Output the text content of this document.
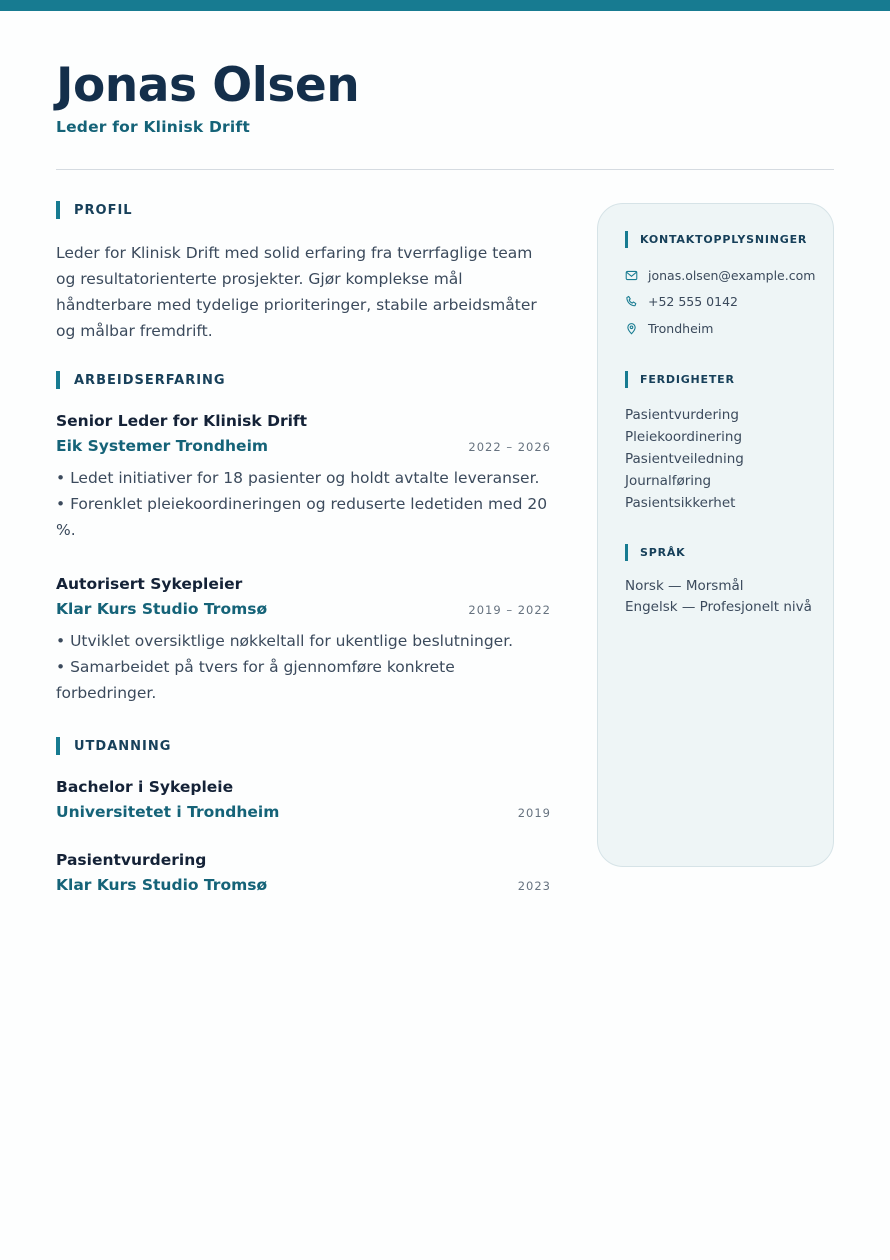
Jonas Olsen
Leder for Klinisk Drift
PROFIL

Leder for Klinisk Drift med solid erfaring fra tverrfaglige team og resultatorienterte prosjekter. Gjør komplekse mål håndterbare med tydelige prioriteringer, stabile arbeidsmåter og målbar fremdrift.

ARBEIDSERFARING
Senior Leder for Klinisk Drift
Eik Systemer Trondheim	2022 – 2026
• Ledet initiativer for 18 pasienter og holdt avtalte leveranser.
• Forenklet pleiekoordineringen og reduserte ledetiden med 20 %.
Autorisert Sykepleier
Klar Kurs Studio Tromsø	2019 – 2022
• Utviklet oversiktlige nøkkeltall for ukentlige beslutninger.
• Samarbeidet på tvers for å gjennomføre konkrete forbedringer.
UTDANNING
Bachelor i Sykepleie
Universitetet i Trondheim	2019
Pasientvurdering
Klar Kurs Studio Tromsø	2023
KONTAKTOPPLYSNINGER
jonas.olsen@example.com
+52 555 0142
Trondheim
FERDIGHETER
Pasientvurdering
Pleiekoordinering
Pasientveiledning
Journalføring
Pasientsikkerhet
SPRÅK
Norsk — Morsmål
Engelsk — Profesjonelt nivå
